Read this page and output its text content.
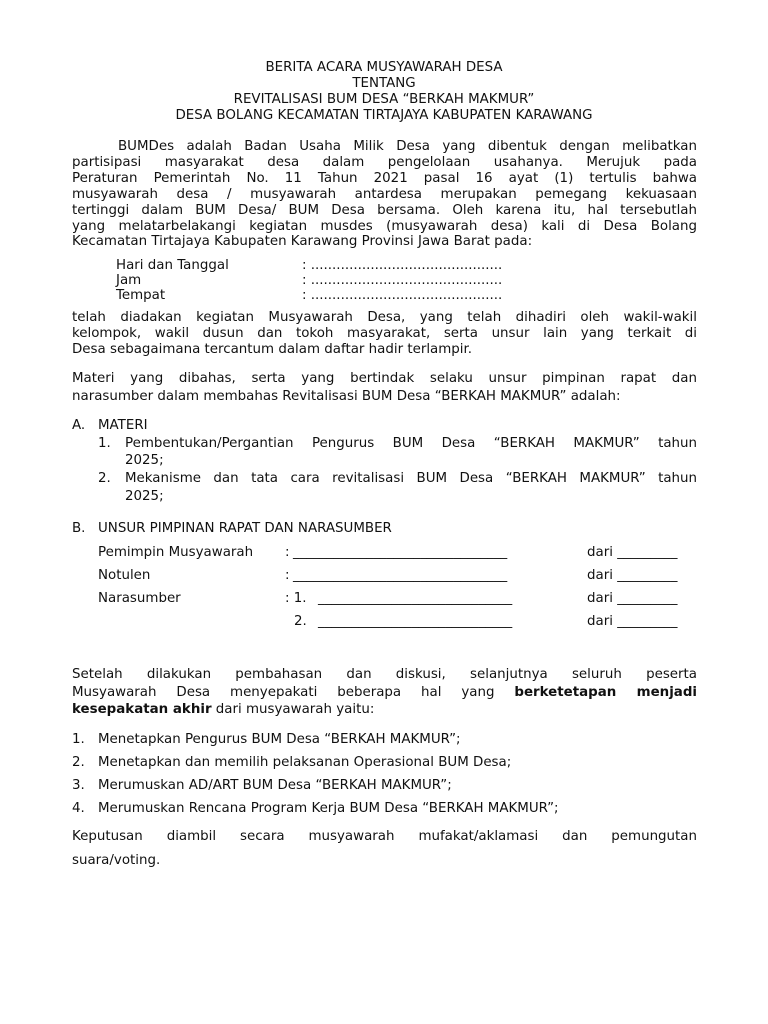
BERITA ACARA MUSYAWARAH DESA
TENTANG
REVITALISASI BUM DESA “BERKAH MAKMUR”
DESA BOLANG KECAMATAN TIRTAJAYA KABUPATEN KARAWANG
BUMDes adalah Badan Usaha Milik Desa yang dibentuk dengan melibatkan
partisipasi masyarakat desa dalam pengelolaan usahanya. Merujuk pada
Peraturan Pemerintah No. 11 Tahun 2021 pasal 16 ayat (1) tertulis bahwa
musyawarah desa / musyawarah antardesa merupakan pemegang kekuasaan
tertinggi dalam BUM Desa/ BUM Desa bersama. Oleh karena itu, hal tersebutlah
yang melatarbelakangi kegiatan musdes (musyawarah desa) kali di Desa Bolang
Kecamatan Tirtajaya Kabupaten Karawang Provinsi Jawa Barat pada:
Hari dan Tanggal	: .............................................
Jam	: .............................................
Tempat	: .............................................
telah diadakan kegiatan Musyawarah Desa, yang telah dihadiri oleh wakil-wakil
kelompok, wakil dusun dan tokoh masyarakat, serta unsur lain yang terkait di
Desa sebagaimana tercantum dalam daftar hadir terlampir.
Materi yang dibahas, serta yang bertindak selaku unsur pimpinan rapat dan
narasumber dalam membahas Revitalisasi BUM Desa “BERKAH MAKMUR” adalah:
A. MATERI
1. Pembentukan/Pergantian Pengurus BUM Desa “BERKAH MAKMUR” tahun
2025;
2. Mekanisme dan tata cara revitalisasi BUM Desa “BERKAH MAKMUR” tahun
2025;
B. UNSUR PIMPINAN RAPAT DAN NARASUMBER
Pemimpin Musyawarah : ________________________________	dari _________
Notulen	: ________________________________	dari _________
Narasumber	: 1. _____________________________	dari _________
2. _____________________________	dari _________
Setelah dilakukan pembahasan dan diskusi, selanjutnya seluruh peserta
Musyawarah Desa menyepakati beberapa hal yang berketetapan menjadi
kesepakatan akhir dari musyawarah yaitu:
1. Menetapkan Pengurus BUM Desa “BERKAH MAKMUR”;
2. Menetapkan dan memilih pelaksanan Operasional BUM Desa;
3. Merumuskan AD/ART BUM Desa “BERKAH MAKMUR”;
4. Merumuskan Rencana Program Kerja BUM Desa “BERKAH MAKMUR”;
Keputusan diambil secara musyawarah mufakat/aklamasi dan pemungutan
suara/voting.
